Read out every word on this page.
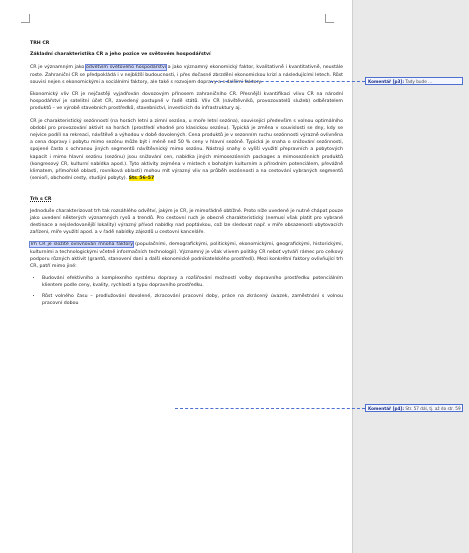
TRH CR
Základní charakteristika CR a jeho pozice ve světovém hospodářství
CR je významným jako odvětvím světového hospodářství a jako významný ekonomický faktor, kvalitativně i kvantitativně, neustále roste. Zahraniční CR se předpokládá i v nejbližší budoucnosti, i přes dočasné zbrzdění ekonomickou krizí a následujícími letech. Růst souvisí nejen s ekonomickými a sociálními faktory, ale také s rozvojem dopravy a s dalšími faktory.
Ekonomický vliv CR je nejčastěji vyjadřován dovozovým přínosem zahraničního CR. Přesnější kvantifikaci vlivu CR na národní hospodářství je satelitní účet CR, zavedený postupně v řadě států. Vliv CR (návštěvníků, provozovatelů služeb) odběratelem produktů – ve výrobě stavebních prostředků, stavebnictví, investicích do infrastruktury aj.
CR je charakteristický sezónností (na horách letní a zimní sezóna, u moře letní sezóna), související především s volnou optimálního období pro provozování aktivit na horách (prostředí vhodné pro klasickou sezónu). Typická je změna v souvislosti se dny, kdy se nejvíce podílí na rekreaci, návštěvě a výhodou v době dovolených. Cena produktů je v sezonním ruchu sezónnosti výrazně ovlivněna a cena dopravy i pobytu mimo sezónu může být i méně než 50 % ceny v hlavní sezóně. Typická je snaha o snižování sezónnosti, spojené často s ochranou jiných segmentů návštěvnický mimo sezónu. Nástroji snahy o vyšší využití přepravních a pobytových kapacit i mimo hlavní sezónu (sezónu) jsou snižování cen, nabídka jiných mimosezónních packages a mimosezónních produktů (kongresový CR, kulturní nabídka apod.). Tyto aktivity zejména v místech s bohatým kulturním a přírodním potenciálem, převážně klimatem, přímořské oblasti, rovníková oblasti) mohou mít výrazný vliv na průběh sezónnosti a na cestování vybraných segmentů (senioři, obchodní cesty, studijní pobyty). Str. 56-57
Trh s CR
Jednoduše charakterizovat trh tak rozsáhlého odvětví, jakým je CR, je mimořádně obtížné. Proto níže uvedené je nutné chápat pouze jako uvedení některých významných rysů a trendů. Pro cestovní ruch je obecně charakteristický (nemusí však platit pro vybrané destinace a nejsledovanější lokality) výrazný přívod nabídky nad poptávkou, což lze sledovat např. v míře obsazenosti ubytovacích zařízení, míře využití apod. a v řadě nabídky zájezdů u cestovní kanceláře.
Trh CR je složitě ovlivňován mnoha faktory (populačními, demografickými, politickými, ekonomickými, geografickými, historickými, kulturními a technologickými včetně informačních technologií). Významný je však vlivem politiky CR neboť vytváří rámec pro celkový podporu různých aktivit (grantů, stanovení daní a další ekonomické podnikatelského prostředí). Mezi konkrétní faktory ovlivňující trh CR, patří mimo jiné:
• Budování efektivního a komplexního systému dopravy a rozšiřování možností volby dopravního prostředku potenciálním klientem podle ceny, kvality, rychlosti a typu dopravního prostředku.
• Růst volného času – prodlužování dovolené, zkracování pracovní doby, práce na zkrácený úvazek, zaměstnání s volnou pracovní dobou
Komentář [p3]: Tady bude ...
Komentář [p4]: Str. 57 dál, tj. až do str. 59
